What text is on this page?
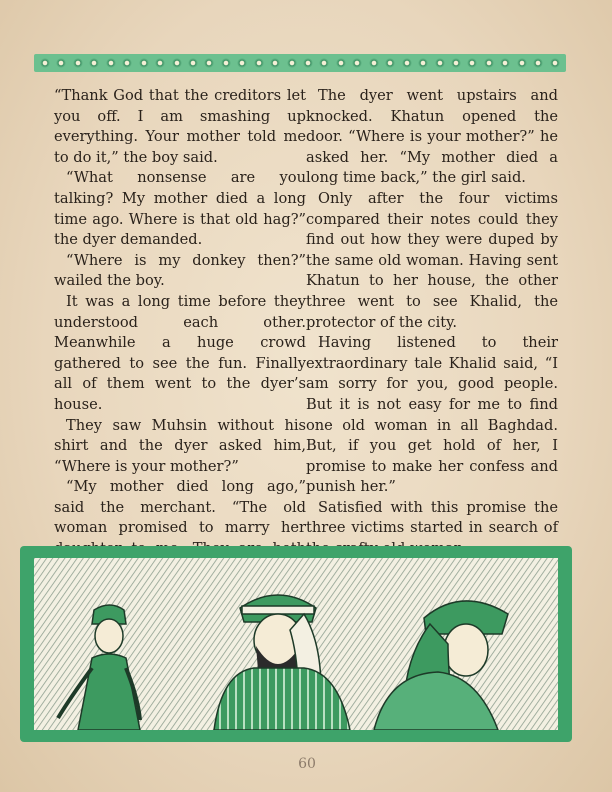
“Thank God that the creditors let you off. I am smashing up everything. Your mother told me to do it,” the boy said.

“What nonsense are you talking? My mother died a long time ago. Where is that old hag?” the dyer demanded.

“Where is my donkey then?” wailed the boy.

It was a long time before they understood each other. Meanwhile a huge crowd gathered to see the fun. Finally all of them went to the dyer’s house.

They saw Muhsin without his shirt and the dyer asked him, “Where is your mother?”

“My mother died long ago,” said the merchant. “The old woman promised to marry her

The dyer went upstairs and knocked. Khatun opened the door. “Where is your mother?” he asked her. “My mother died a long time back,” the girl said.

Only after the four victims compared their notes could they find out how they were duped by the same old woman. Having sent Khatun to her house, the other three went to see Khalid, the protector of the city.

Having listened to their extraordinary tale Khalid said, “I am sorry for you, good people. But it is not easy for me to find one old woman in all Baghdad. But, if you get hold of her, I promise to make her confess and punish her.”

Satisfied with this promise the three victims started in search of

60
